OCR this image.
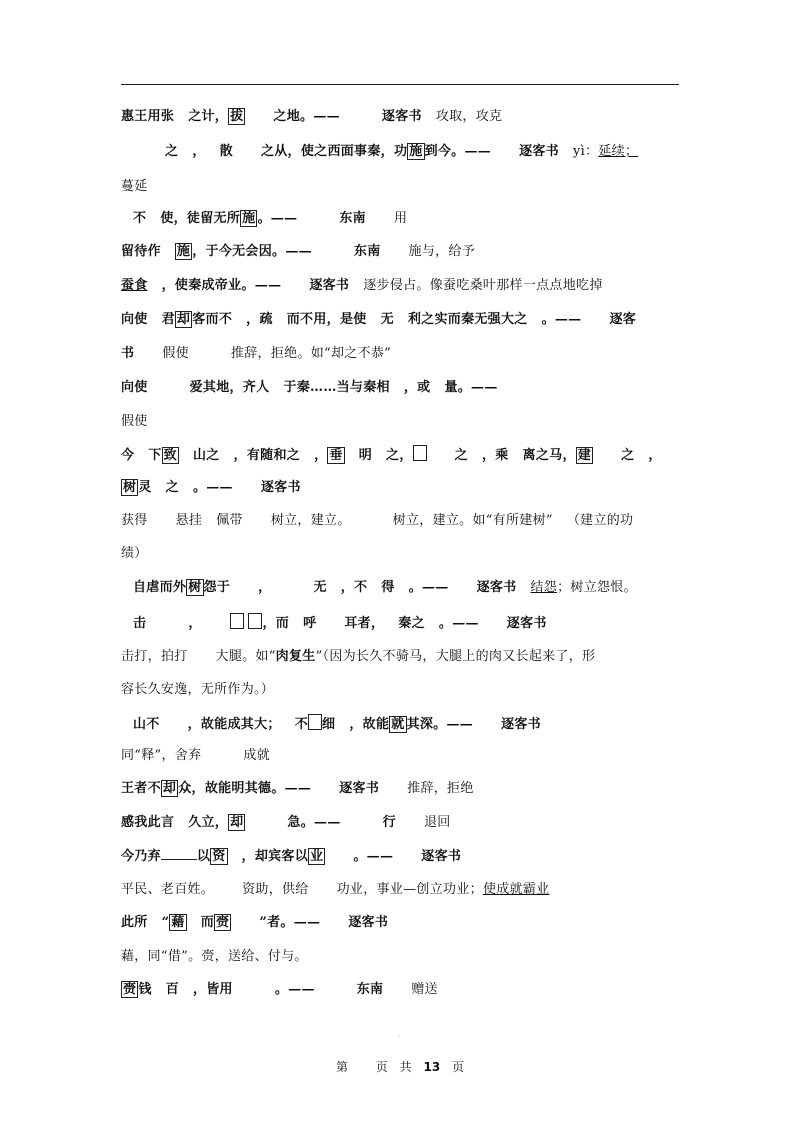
惠王用张 之计， 拔 之地。——	逐客书 攻取，攻克
之 ， 散 之从，使之西面事秦，功 施 到今。—— 逐客书 yì：延续；
蔓延
不 使，徒留无所 施 。——	东南 用
留待作 施 ，于今无会因。——	东南 施与，给予
蚕食 ，使秦成帝业。—— 逐客书 逐步侵占。像蚕吃桑叶那样一点点地吃掉
向使 君 却 客而不 ，疏 而不用，是使 无 利之实而秦无强大之 。—— 逐客
书 假使	推辞，拒绝。如“却之不恭”
向使	爱其地，齐人 于秦……当与秦相 ，或 量。——
假使
今 下 致 山之 ，有随和之 ， 垂 明 之，	之 ，乘 离之马， 建 之 ，
树 灵 之 。—— 逐客书
获得 悬挂 佩带 树立，建立。	树立，建立。如“有所建树” （建立的功
绩）
自虐而外 树 怨于 ，	无 ，不 得 。—— 逐客书 结怨；树立怨恨。
击	，	，而 呼 耳者， 秦之 。—— 逐客书
击打，拍打 大腿。如“肉复生”（因为长久不骑马，大腿上的肉又长起来了，形
容长久安逸，无所作为。）
山不 ，故能成其大； 不 细 ，故能 就 其深。—— 逐客书
同“释”，舍弃	成就
王者不 却 众，故能明其德。—— 逐客书 推辞，拒绝
感我此言 久立， 却	急。——	行 退回
今乃弃	以 资 ，却宾客以 业 。—— 逐客书
平民、老百姓。 资助，供给 功业，事业—创立功业；使成就霸业
此所 “ 藉 而 赍 ”者。—— 逐客书
藉，同“借”。赍，送给、付与。
赍 钱 百 ，皆用	。——	东南 赠送
·
第 页 共 13 页
